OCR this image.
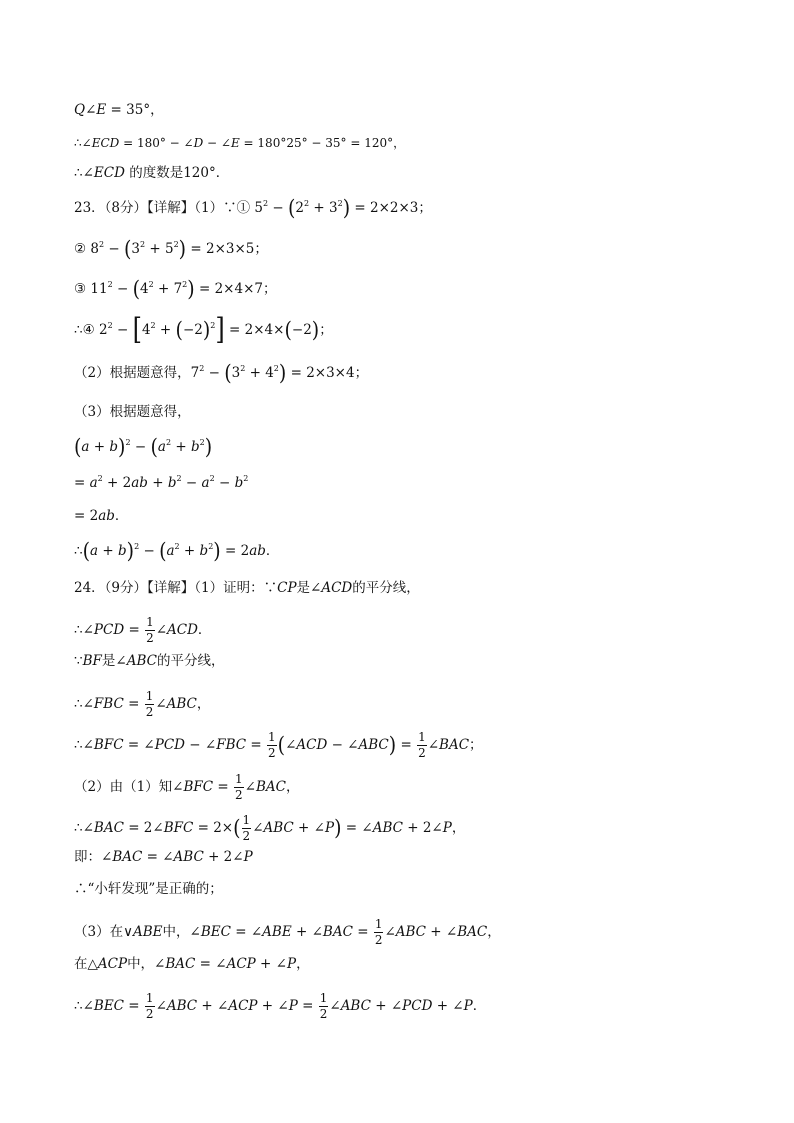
Q∠E = 35°，
∴∠ECD = 180° − ∠D − ∠E = 180°25° − 35° = 120°，
∴∠ECD 的度数是120°．
23．（8分）【详解】（1）∵① $5^2 - (2^2 + 3^2) = 2\times 2\times 3$；
② $8^2 - (3^2 + 5^2) = 2\times 3\times 5$；
③ $11^2 - (4^2 + 7^2) = 2\times 4\times 7$；
∴④ $2^2 - [4^2 + (-2)^2] = 2\times 4\times(-2)$；
（2）根据题意得，$7^2 - (3^2 + 4^2) = 2\times 3\times 4$；
（3）根据题意得，
$(a + b)^2 - (a^2 + b^2)$
= $a^2 + 2ab + b^2 - a^2 - b^2$
= 2ab．
∴(a + $b)^2 - (a^2 + b^2) = 2ab$．
24．（9分）【详解】（1）证明：∵CP是∠ACD的平分线，
∴∠PCD = $\frac{1}{2}$ ∠ACD．
∵BF是∠ABC的平分线，
∴∠FBC = $\frac{1}{2}$ ∠ABC，
∴∠BFC = ∠PCD − ∠FBC = $\frac{1}{2}$ (∠ACD − ∠ABC) = $\frac{1}{2}$ ∠BAC；
（2）由（1）知∠BFC = $\frac{1}{2}$ ∠BAC，
∴∠BAC = 2∠BFC = $2\times( \frac{1}{2}$ ∠ABC + ∠P) = ∠ABC + 2∠P，
即：∠BAC = ∠ABC + 2∠P
∴“小轩发现”是正确的；
（3）在∨ABE中，∠BEC = ∠ABE + ∠BAC = $\frac{1}{2}$ ∠ABC + ∠BAC，
在△ACP中，∠BAC = ∠ACP + ∠P，
∴∠BEC = $\frac{1}{2}$ ∠ABC + ∠ACP + ∠P = $\frac{1}{2}$ ∠ABC + ∠PCD + ∠P．
